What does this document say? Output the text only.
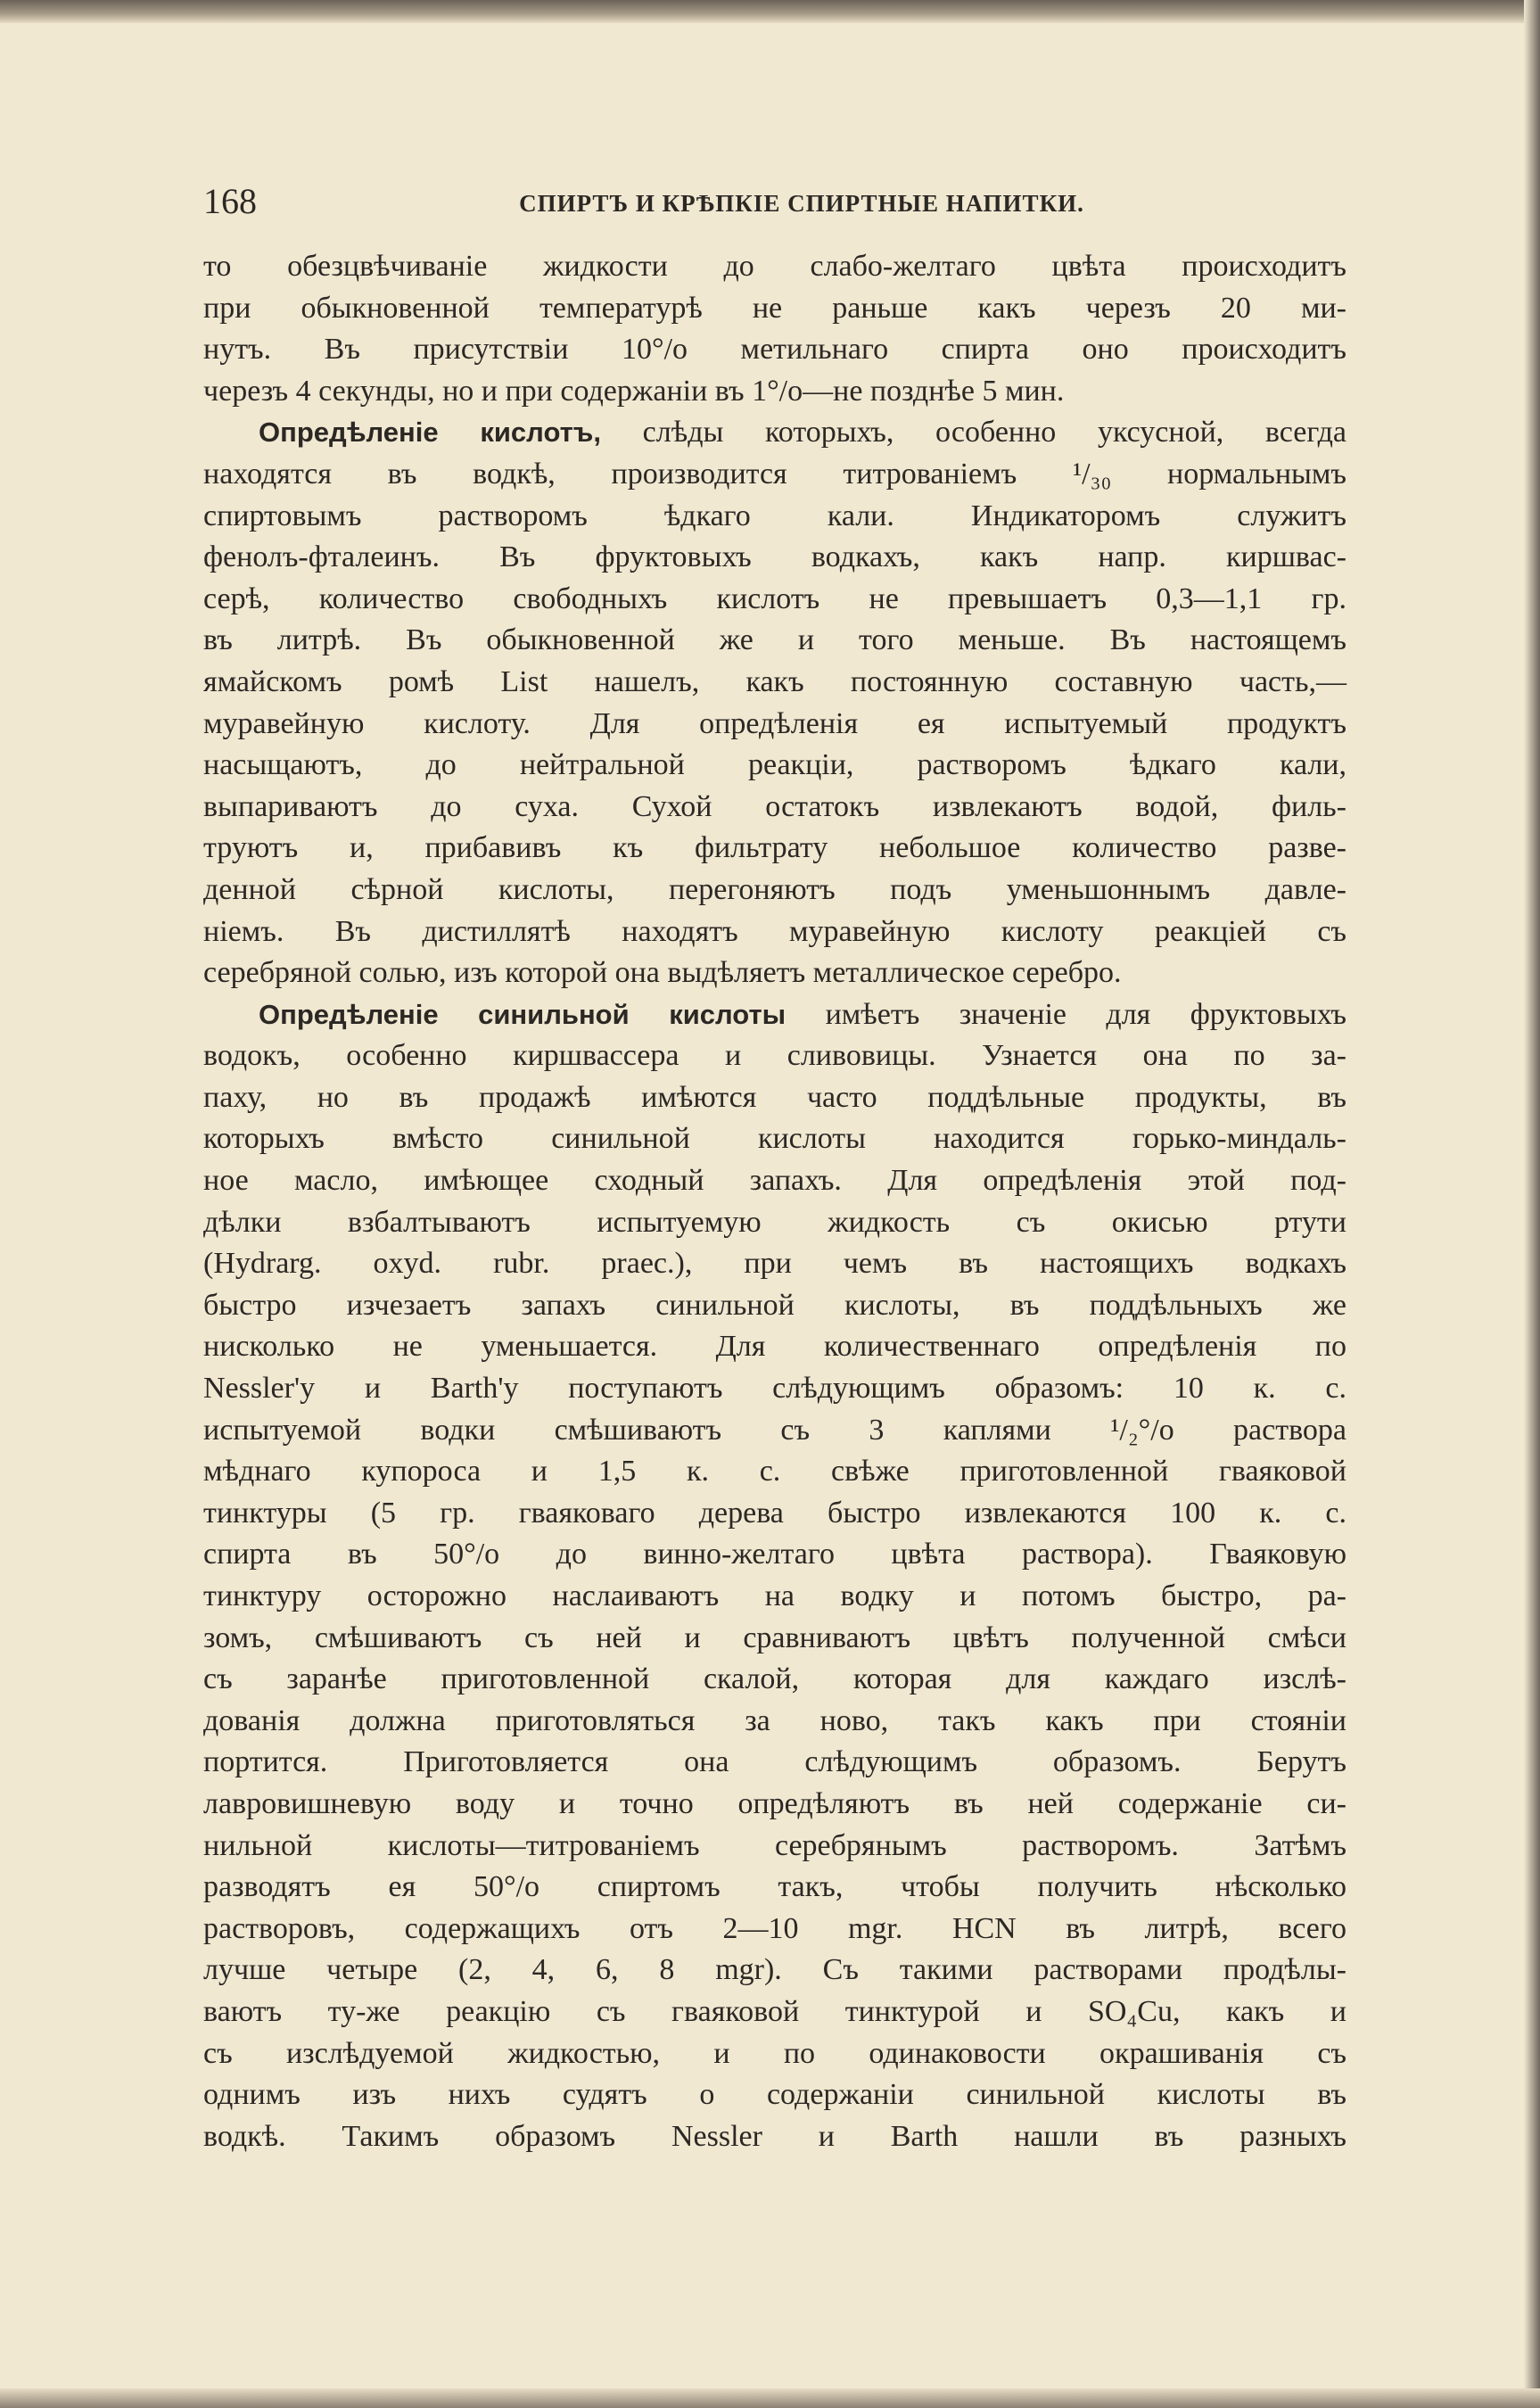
168	СПИРТЪ И КРѢПКІЕ СПИРТНЫЕ НАПИТКИ.
то обезцвѣчиваніе жидкости до слабо-желтаго цвѣта происходитъ
при обыкновенной температурѣ не раньше какъ черезъ 20 ми-
нутъ. Въ присутствіи 10°/о метильнаго спирта оно происходитъ
черезъ 4 секунды, но и при содержаніи въ 1°/о—не позднѣе 5 мин.
Опредѣленіе кислотъ, слѣды которыхъ, особенно уксусной, всегда
находятся въ водкѣ, производится титрованіемъ ¹/₃₀ нормальнымъ
спиртовымъ растворомъ ѣдкаго кали. Индикаторомъ служитъ
фенолъ-фталеинъ. Въ фруктовыхъ водкахъ, какъ напр. киршвас-
серѣ, количество свободныхъ кислотъ не превышаетъ 0,3—1,1 гр.
въ литрѣ. Въ обыкновенной же и того меньше. Въ настоящемъ
ямайскомъ ромѣ List нашелъ, какъ постоянную составную часть,—
муравейную кислоту. Для опредѣленія ея испытуемый продуктъ
насыщаютъ, до нейтральной реакціи, растворомъ ѣдкаго кали,
выпариваютъ до суха. Сухой остатокъ извлекаютъ водой, филь-
труютъ и, прибавивъ къ фильтрату небольшое количество разве-
денной сѣрной кислоты, перегоняютъ подъ уменьшоннымъ давле-
ніемъ. Въ дистиллятѣ находятъ муравейную кислоту реакціей съ
серебряной солью, изъ которой она выдѣляетъ металлическое серебро.
Опредѣленіе синильной кислоты имѣетъ значеніе для фруктовыхъ
водокъ, особенно киршвассера и сливовицы. Узнается она по за-
паху, но въ продажѣ имѣются часто поддѣльные продукты, въ
которыхъ вмѣсто синильной кислоты находится горько-миндаль-
ное масло, имѣющее сходный запахъ. Для опредѣленія этой под-
дѣлки взбалтываютъ испытуемую жидкость съ окисью ртути
(Hydrarg. oxyd. rubr. praec.), при чемъ въ настоящихъ водкахъ
быстро изчезаетъ запахъ синильной кислоты, въ поддѣльныхъ же
нисколько не уменьшается. Для количественнаго опредѣленія по
Nessler'у и Barth'у поступаютъ слѣдующимъ образомъ: 10 к. с.
испытуемой водки смѣшиваютъ съ 3 каплями ¹/₂°/о раствора
мѣднаго купороса и 1,5 к. с. свѣже приготовленной гваяковой
тинктуры (5 гр. гваяковаго дерева быстро извлекаются 100 к. с.
спирта въ 50°/о до винно-желтаго цвѣта раствора). Гваяковую
тинктуру осторожно наслаиваютъ на водку и потомъ быстро, ра-
зомъ, смѣшиваютъ съ ней и сравниваютъ цвѣтъ полученной смѣси
съ заранѣе приготовленной скалой, которая для каждаго изслѣ-
дованія должна приготовляться за ново, такъ какъ при стояніи
портится. Приготовляется она слѣдующимъ образомъ. Берутъ
лавровишневую воду и точно опредѣляютъ въ ней содержаніе си-
нильной кислоты—титрованіемъ серебрянымъ растворомъ. Затѣмъ
разводятъ ея 50°/о спиртомъ такъ, чтобы получить нѣсколько
растворовъ, содержащихъ отъ 2—10 mgr. HCN въ литрѣ, всего
лучше четыре (2, 4, 6, 8 mgr). Съ такими растворами продѣлы-
ваютъ ту-же реакцію съ гваяковой тинктурой и SO₄Cu, какъ и
съ изслѣдуемой жидкостью, и по одинаковости окрашиванія съ
однимъ изъ нихъ судятъ о содержаніи синильной кислоты въ
водкѣ. Такимъ образомъ Nessler и Barth нашли въ разныхъ
